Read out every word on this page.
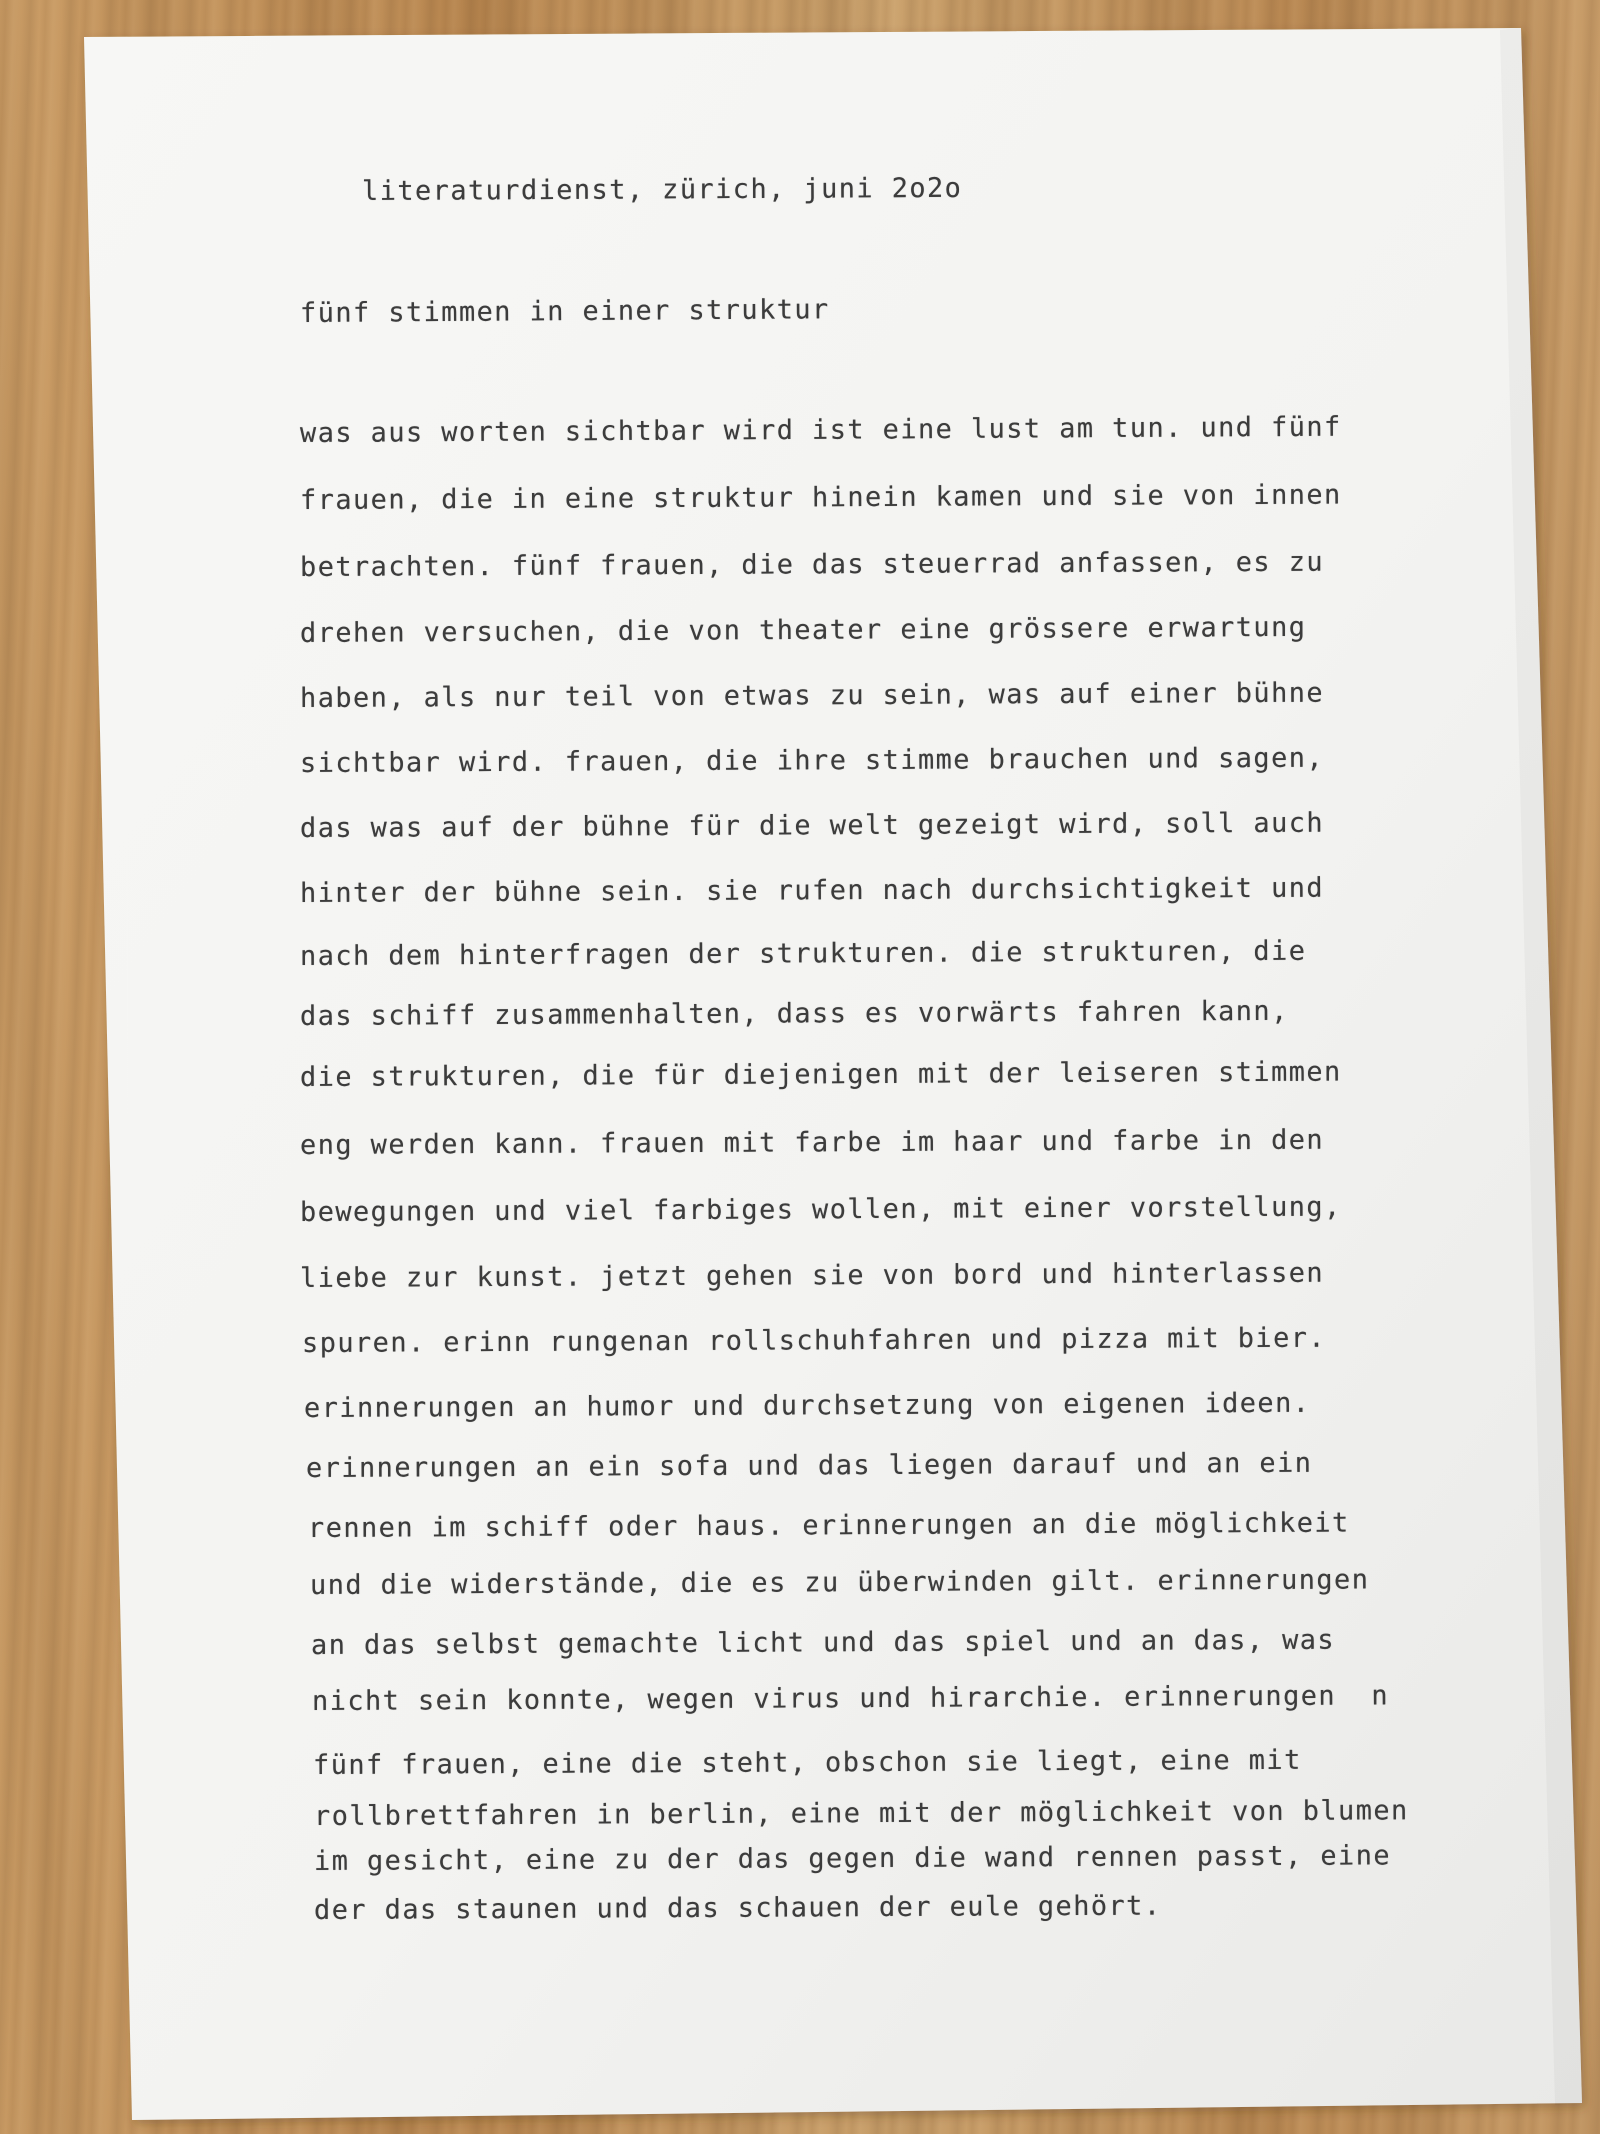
literaturdienst, zürich, juni 2o2o
fünf stimmen in einer struktur
was aus worten sichtbar wird ist eine lust am tun. und fünf
frauen, die in eine struktur hinein kamen und sie von innen
betrachten. fünf frauen, die das steuerrad anfassen, es zu
drehen versuchen, die von theater eine grössere erwartung
haben, als nur teil von etwas zu sein, was auf einer bühne
sichtbar wird. frauen, die ihre stimme brauchen und sagen,
das was auf der bühne für die welt gezeigt wird, soll auch
hinter der bühne sein. sie rufen nach durchsichtigkeit und
nach dem hinterfragen der strukturen. die strukturen, die
das schiff zusammenhalten, dass es vorwärts fahren kann,
die strukturen, die für diejenigen mit der leiseren stimmen
eng werden kann. frauen mit farbe im haar und farbe in den
bewegungen und viel farbiges wollen, mit einer vorstellung,
liebe zur kunst. jetzt gehen sie von bord und hinterlassen
spuren. erinn rungenan rollschuhfahren und pizza mit bier.
erinnerungen an humor und durchsetzung von eigenen ideen.
erinnerungen an ein sofa und das liegen darauf und an ein
rennen im schiff oder haus. erinnerungen an die möglichkeit
und die widerstände, die es zu überwinden gilt. erinnerungen
an das selbst gemachte licht und das spiel und an das, was
nicht sein konnte, wegen virus und hirarchie. erinnerungen  n
fünf frauen, eine die steht, obschon sie liegt, eine mit
rollbrettfahren in berlin, eine mit der möglichkeit von blumen
im gesicht, eine zu der das gegen die wand rennen passt, eine
der das staunen und das schauen der eule gehört.
